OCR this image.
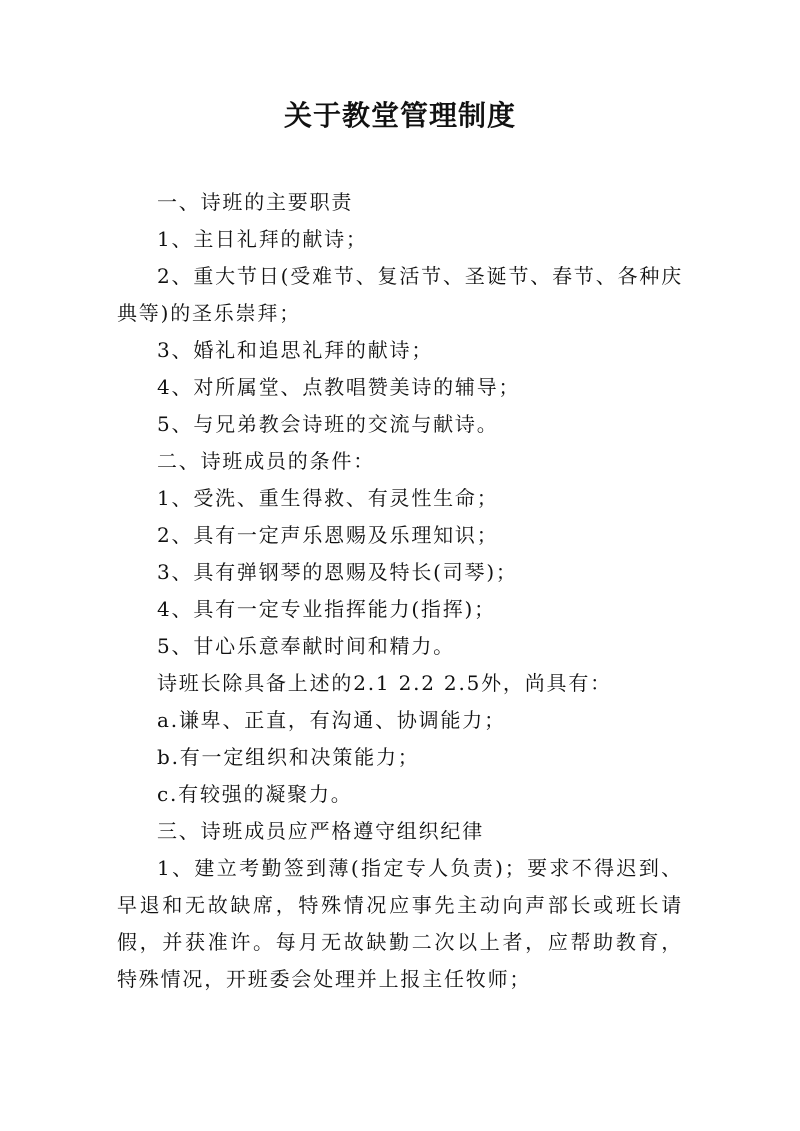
关于教堂管理制度

一、诗班的主要职责

1、主日礼拜的献诗；

2、重大节日(受难节、复活节、圣诞节、春节、各种庆典等)的圣乐崇拜；

3、婚礼和追思礼拜的献诗；

4、对所属堂、点教唱赞美诗的辅导；

5、与兄弟教会诗班的交流与献诗。

二、诗班成员的条件：

1、受洗、重生得救、有灵性生命；

2、具有一定声乐恩赐及乐理知识；

3、具有弹钢琴的恩赐及特长(司琴)；

4、具有一定专业指挥能力(指挥)；

5、甘心乐意奉献时间和精力。

诗班长除具备上述的2.1 2.2 2.5外，尚具有：

a.谦卑、正直，有沟通、协调能力；

b.有一定组织和决策能力；

c.有较强的凝聚力。

三、诗班成员应严格遵守组织纪律

1、建立考勤签到薄(指定专人负责)；要求不得迟到、早退和无故缺席，特殊情况应事先主动向声部长或班长请假，并获准许。每月无故缺勤二次以上者，应帮助教育，特殊情况，开班委会处理并上报主任牧师；
